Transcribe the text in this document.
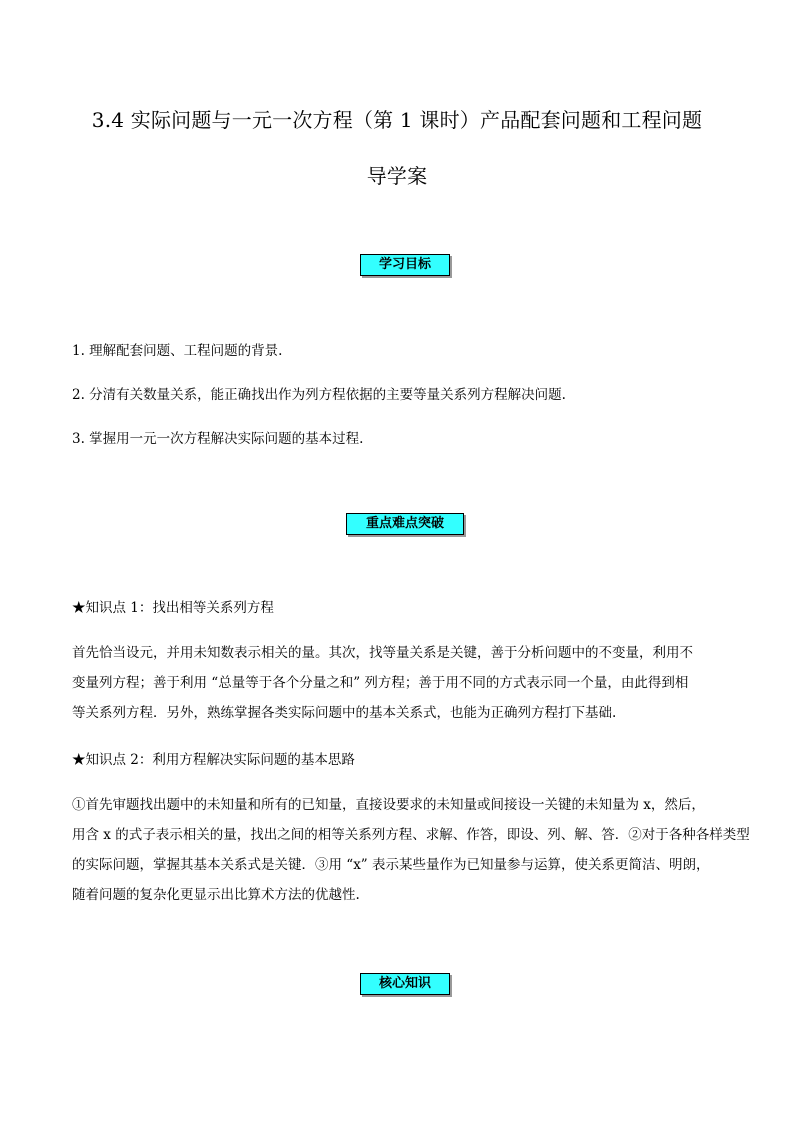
3.4 实际问题与一元一次方程（第 1 课时）产品配套问题和工程问题
导学案
学习目标
1. 理解配套问题、工程问题的背景.
2. 分清有关数量关系，能正确找出作为列方程依据的主要等量关系列方程解决问题.
3. 掌握用一元一次方程解决实际问题的基本过程.
重点难点突破
★知识点 1：找出相等关系列方程
首先恰当设元，并用未知数表示相关的量。其次，找等量关系是关键，善于分析问题中的不变量，利用不
变量列方程；善于利用 “总量等于各个分量之和” 列方程；善于用不同的方式表示同一个量，由此得到相
等关系列方程．另外，熟练掌握各类实际问题中的基本关系式，也能为正确列方程打下基础.
★知识点 2：利用方程解决实际问题的基本思路
①首先审题找出题中的未知量和所有的已知量，直接设要求的未知量或间接设一关键的未知量为 x，然后，
用含 x 的式子表示相关的量，找出之间的相等关系列方程、求解、作答，即设、列、解、答．②对于各种各样类型
的实际问题，掌握其基本关系式是关键．③用 “x” 表示某些量作为已知量参与运算，使关系更简洁、明朗，
随着问题的复杂化更显示出比算术方法的优越性.
核心知识
